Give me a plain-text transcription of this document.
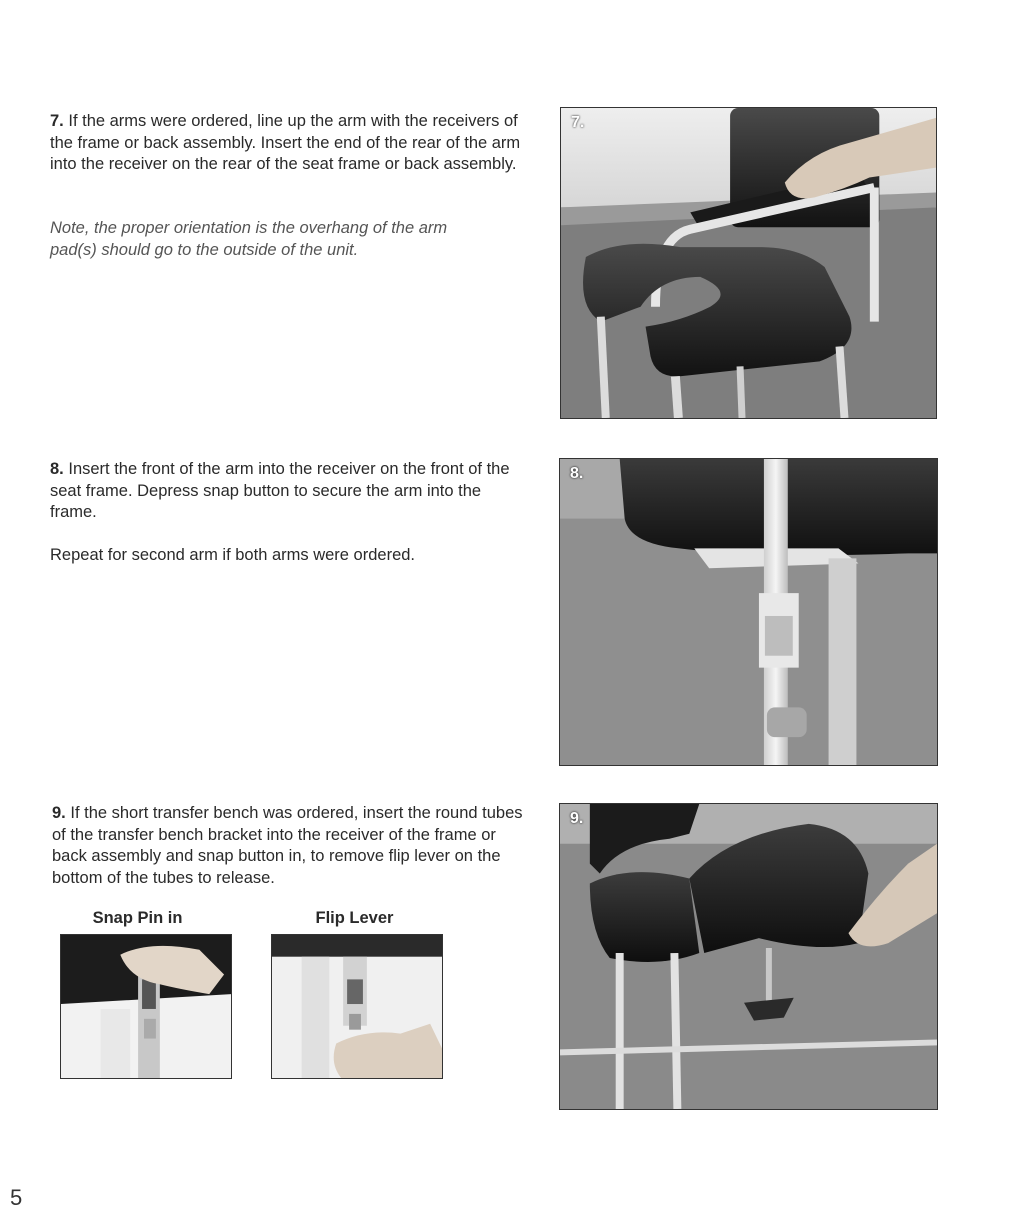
7. If the arms were ordered, line up the arm with the receivers of the frame or back assembly. Insert the end of the rear of the arm into the receiver on the rear of the seat frame or back assembly.
Note, the proper orientation is the overhang of the arm pad(s) should go to the outside of the unit.
7.
8. Insert the front of the arm into the receiver on the front of the seat frame. Depress snap button to secure the arm into the frame.
Repeat for second arm if both arms were ordered.
8.
9. If the short transfer bench was ordered, insert the round tubes of the transfer bench bracket into the receiver of the frame or back assembly and snap button in, to remove flip lever on the bottom of the tubes to release.
Snap Pin in	Flip Lever
9.
5
